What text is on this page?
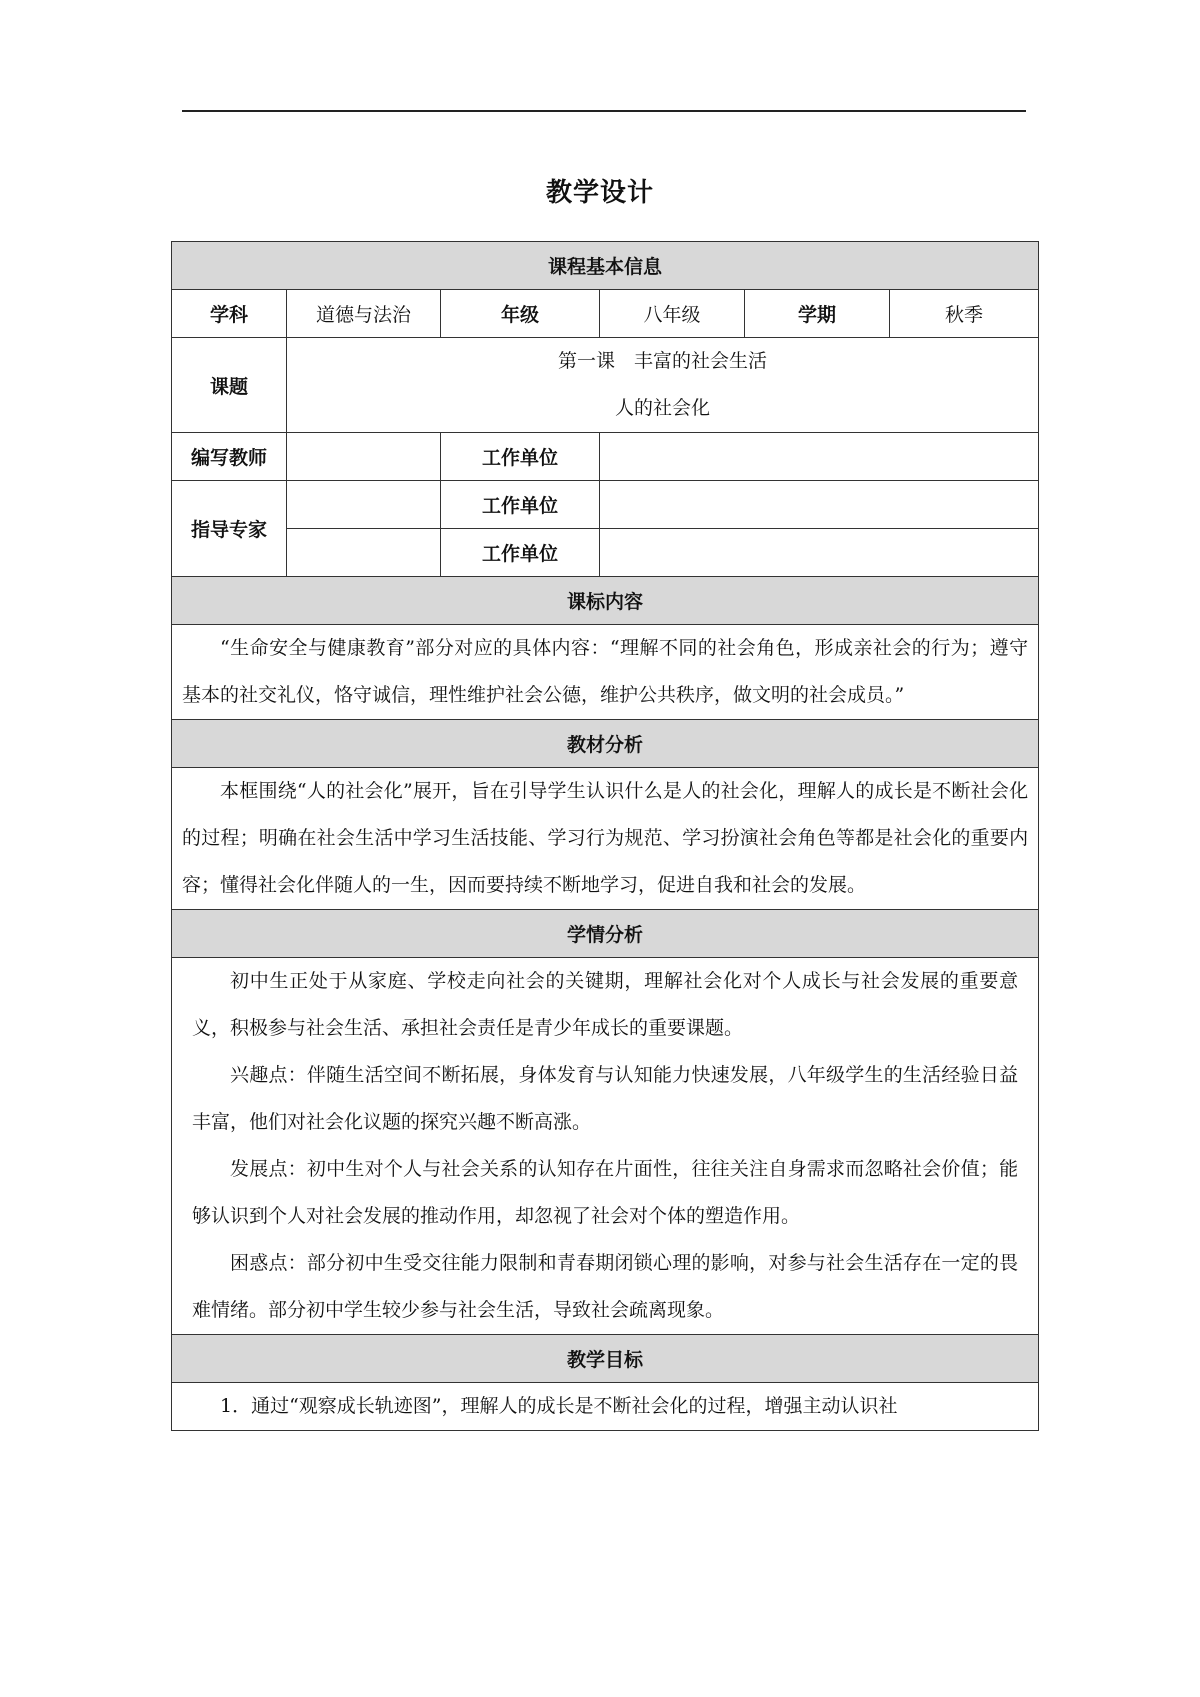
教学设计
课程基本信息					
学科	道德与法治	年级	八年级	学期	秋季
课题	第一课　丰富的社会生活
人的社会化				

编写教师		工作单位			
指导专家		工作单位			
		工作单位			
课标内容					
“生命安全与健康教育”部分对应的具体内容：“理解不同的社会角色，形成亲社会的行为；遵守基本的社交礼仪，恪守诚信，理性维护社会公德，维护公共秩序，做文明的社会成员。”					
教材分析					
本框围绕“人的社会化”展开，旨在引导学生认识什么是人的社会化，理解人的成长是不断社会化的过程；明确在社会生活中学习生活技能、学习行为规范、学习扮演社会角色等都是社会化的重要内容；懂得社会化伴随人的一生，因而要持续不断地学习，促进自我和社会的发展。					
学情分析					

初中生正处于从家庭、学校走向社会的关键期，理解社会化对个人成长与社会发展的重要意义，积极参与社会生活、承担社会责任是青少年成长的重要课题。
兴趣点：伴随生活空间不断拓展，身体发育与认知能力快速发展，八年级学生的生活经验日益丰富，他们对社会化议题的探究兴趣不断高涨。
发展点：初中生对个人与社会关系的认知存在片面性，往往关注自身需求而忽略社会价值；能够认识到个人对社会发展的推动作用，却忽视了社会对个体的塑造作用。
困惑点：部分初中生受交往能力限制和青春期闭锁心理的影响，对参与社会生活存在一定的畏难情绪。部分初中学生较少参与社会生活，导致社会疏离现象。					

教学目标					
1．通过“观察成长轨迹图”，理解人的成长是不断社会化的过程，增强主动认识社					
